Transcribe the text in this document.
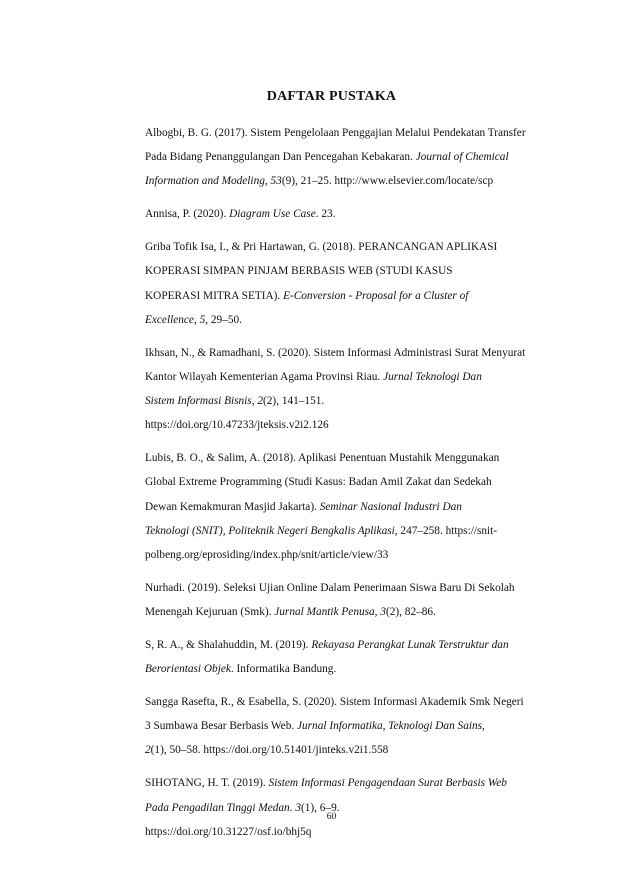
DAFTAR PUSTAKA
Albogbi, B. G. (2017). Sistem Pengelolaan Penggajian Melalui Pendekatan Transfer
Pada Bidang Penanggulangan Dan Pencegahan Kebakaran. Journal of Chemical
Information and Modeling, 53(9), 21–25. http://www.elsevier.com/locate/scp
Annisa, P. (2020). Diagram Use Case. 23.
Griba Tofik Isa, I., & Pri Hartawan, G. (2018). PERANCANGAN APLIKASI
KOPERASI SIMPAN PINJAM BERBASIS WEB (STUDI KASUS
KOPERASI MITRA SETIA). E-Conversion - Proposal for a Cluster of
Excellence, 5, 29–50.
Ikhsan, N., & Ramadhani, S. (2020). Sistem Informasi Administrasi Surat Menyurat
Kantor Wilayah Kementerian Agama Provinsi Riau. Jurnal Teknologi Dan
Sistem Informasi Bisnis, 2(2), 141–151.
https://doi.org/10.47233/jteksis.v2i2.126
Lubis, B. O., & Salim, A. (2018). Aplikasi Penentuan Mustahik Menggunakan
Global Extreme Programming (Studi Kasus: Badan Amil Zakat dan Sedekah
Dewan Kemakmuran Masjid Jakarta). Seminar Nasional Industri Dan
Teknologi (SNIT), Politeknik Negeri Bengkalis Aplikasi, 247–258. https://snit-
polbeng.org/eprosiding/index.php/snit/article/view/33
Nurhadi. (2019). Seleksi Ujian Online Dalam Penerimaan Siswa Baru Di Sekolah
Menengah Kejuruan (Smk). Jurnal Mantik Penusa, 3(2), 82–86.
S, R. A., & Shalahuddin, M. (2019). Rekayasa Perangkat Lunak Terstruktur dan
Berorientasi Objek. Informatika Bandung.
Sangga Rasefta, R., & Esabella, S. (2020). Sistem Informasi Akademik Smk Negeri
3 Sumbawa Besar Berbasis Web. Jurnal Informatika, Teknologi Dan Sains,
2(1), 50–58. https://doi.org/10.51401/jinteks.v2i1.558
SIHOTANG, H. T. (2019). Sistem Informasi Pengagendaan Surat Berbasis Web
Pada Pengadilan Tinggi Medan. 3(1), 6–9.
https://doi.org/10.31227/osf.io/bhj5q
60
